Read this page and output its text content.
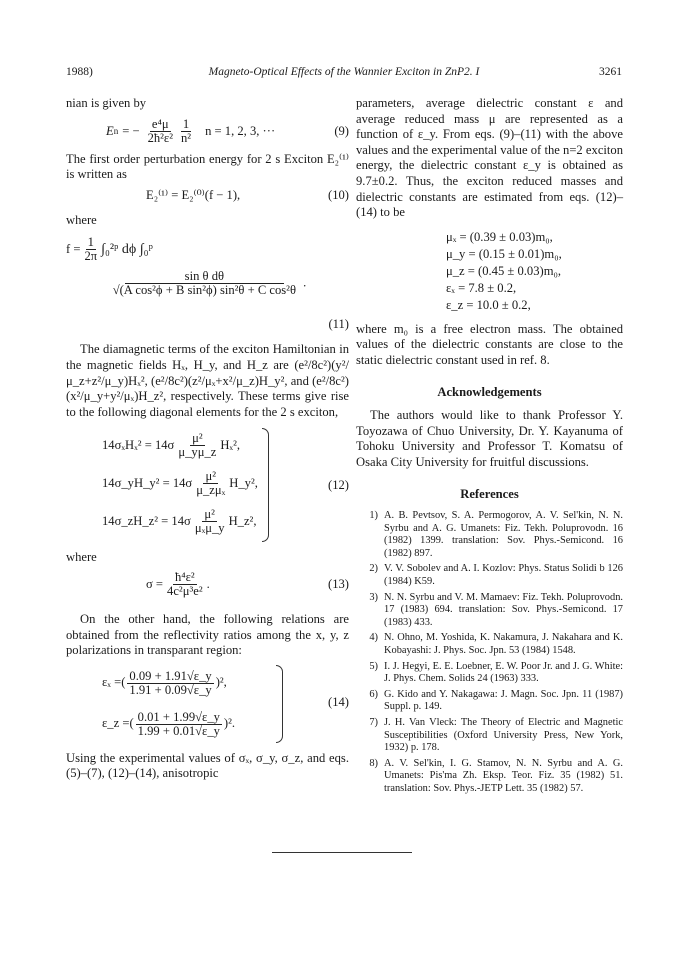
1988)	Magneto-Optical Effects of the Wannier Exciton in ZnP2. I	3261

nian is given by

E n = − $\frac{\text{e⁴μ}}{\text{2ħ²ε²}} \frac{1}{\text{n²}}$ n = 1, 2, 3, ···	(9)

The first order perturbation energy for 2 s Exciton E₂⁽¹⁾ is written as

E₂⁽¹⁾ = E₂⁽⁰⁾(f − 1),	(10)

where

$f = \frac{1}{2\pi}$ ∫₀²ᵖ dϕ ∫₀ᵖ
$\frac{\text{sin θ dθ}}{\text{√(A cos²ϕ + B sin²ϕ) sin²θ + C cos²θ}}$ .
(11)

The diamagnetic terms of the exciton Hamiltonian in the magnetic fields Hₓ, H_y, and H_z are (e²/8c²)(y²/μ_z+z²/μ_y)Hₓ², (e²/8c²)(z²/μₓ+x²/μ_z)H_y², and (e²/8c²)(x²/μ_y+y²/μₓ)H_z², respectively. These terms give rise to the following diagonal elements for the 2 s exciton,

$14\sigma_xH_x^2 = 14\sigma \frac{\text{μ²}}{\mu\_y\mu\_z} H_x^2$,
14σ_yH_y² = $14\sigma \frac{\text{μ²}}{\text{μ\_zμₓ}}$ H_y²,
14σ_zH_z² = $14\sigma \frac{\text{μ²}}{\text{μₓμ\_y}}$ H_z²,
(12)

where

$\sigma = \frac{\text{ħ⁴ε²}}{\text{4c²μ³e²}}$ .	(13)

On the other hand, the following relations are obtained from the reflectivity ratios among the x, y, z polarizations in transparant region:

εₓ = ( $\frac{0.09 + 1.91√\varepsilon\_y}{1.91 + 0.09√\varepsilon\_y}$ ) ²,
ε_z = ( $\frac{0.01 + 1.99√\varepsilon\_y}{1.99 + 0.01√\varepsilon\_y}$ ) ².
(14)

Using the experimental values of σₓ, σ_y, σ_z, and eqs. (5)–(7), (12)–(14), anisotropic

parameters, average dielectric constant ε and average reduced mass μ are represented as a function of ε_y. From eqs. (9)–(11) with the above values and the experimental value of the n=2 exciton energy, the dielectric constant ε_y is obtained as 9.7±0.2. Thus, the exciton reduced masses and dielectric constants are estimated from eqs. (12)–(14) to be

μₓ = (0.39 ± 0.03)m₀,
μ_y = (0.15 ± 0.01)m₀,
μ_z = (0.45 ± 0.03)m₀,
εₓ = 7.8 ± 0.2,
ε_z = 10.0 ± 0.2,

where m₀ is a free electron mass. The obtained values of the dielectric constants are close to the static dielectric constant used in ref. 8.

Acknowledgements

The authors would like to thank Professor Y. Toyozawa of Chuo University, Dr. Y. Kayanuma of Tohoku University and Professor T. Komatsu of Osaka City University for fruitful discussions.

References
1) A. B. Pevtsov, S. A. Permogorov, A. V. Sel'kin, N. N. Syrbu and A. G. Umanets: Fiz. Tekh. Poluprovodn. 16 (1982) 1399. translation: Sov. Phys.-Semicond. 16 (1982) 897.
2) V. V. Sobolev and A. I. Kozlov: Phys. Status Solidi b 126 (1984) K59.
3) N. N. Syrbu and V. M. Mamaev: Fiz. Tekh. Poluprovodn. 17 (1983) 694. translation: Sov. Phys.-Semicond. 17 (1983) 433.
4) N. Ohno, M. Yoshida, K. Nakamura, J. Nakahara and K. Kobayashi: J. Phys. Soc. Jpn. 53 (1984) 1548.
5) I. J. Hegyi, E. E. Loebner, E. W. Poor Jr. and J. G. White: J. Phys. Chem. Solids 24 (1963) 333.
6) G. Kido and Y. Nakagawa: J. Magn. Soc. Jpn. 11 (1987) Suppl. p. 149.
7) J. H. Van Vleck: The Theory of Electric and Magnetic Susceptibilities (Oxford University Press, New York, 1932) p. 178.
8) A. V. Sel'kin, I. G. Stamov, N. N. Syrbu and A. G. Umanets: Pis'ma Zh. Eksp. Teor. Fiz. 35 (1982) 51. translation: Sov. Phys.-JETP Lett. 35 (1982) 57.
